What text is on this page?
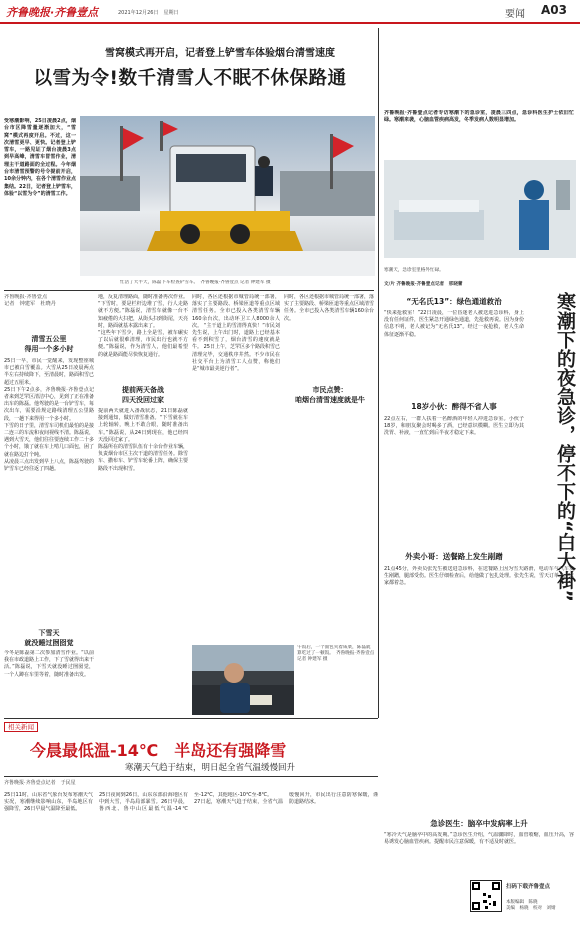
齐鲁晚报·齐鲁壹点	2021年12月26日　星期日	要闻 A03
雪窝模式再开启，记者登上铲雪车体验烟台清雪速度
以雪为令!数千清雪人不眠不休保路通
受寒潮影响，25日凌晨2点，烟台市区降雪量逐渐加大，“雪窝”模式再度开启。不过，这一次清雪更早、更快。记者登上铲雪车，一路见证了烟台凌晨3点到早高峰，清雪车冒雪作业，清理主干道路面的全过程。今年烟台市清雪预警的号令提前开启，10余分钟内，在各个清雪作业点集结。22日，记者登上铲雪车，体验“以雪为令”的清雪工作。
忙活了大半天，陈磊下车检查铲雪车。　齐鲁晚报·齐鲁壹点 记者 钟建军 摄
齐鲁晚报·齐鲁壹点
记者　钟建军　杜晓丹
清雪五公里
得用一个多小时
25日一早，市民一觉醒来，发现整座城市已被白雪覆盖。大雪从25日凌晨两点半左右持续降下，至清晨时，路面积雪已超过五厘米。
25日下午2点多，齐鲁晚报·齐鲁壹点记者来到芝罘区清洁中心，见到了正在准备出车的陈磊。他驾驶的是一台铲雪车，每次出车，需要沿规定路线清理五公里路段，一趟下来得用一个多小时。
下雪的日子里，清雪车司机们最怕的是接二连三的车流和夜间视线不清。陈磊说，遇到大雪天，他们往往要连续工作二十多个小时，饿了就在车上啃几口面包，困了就在路边打个盹。
从凌晨三点出发到早上八点，陈磊驾驶的铲雪车已经往返了四趟。
下雪天
就没睡过囫囵觉
今冬是陈磊第二次参加清雪作业。“以前我在市政道路上工作，下了雪就得出来干活。”陈磊说，下雪天就没睡过囫囵觉，一个人蹲在车里等着，随时准备出发。
地，反复清理路面，随时准备再次作业。
“下雪时，要是栏杆边堆了雪，行人走路就不方便。”陈磊说，清雪车就像一台不知疲倦的大扫把，从街头扫到街尾，天亮时，路面就基本露出来了。
“这些年下雪少，路上全是雪，被车碾实了以后就很难清理，市民出行也就不方便。”陈磊说，作为清雪人，他们最希望的就是路面能尽快恢复通行。
提前两天备战
四天没回过家
提前两天就进入备战状态，21日陈磊就接到通知，做好清雪准备。“下雪就在车上轮轴转，晚上不敢合眼，随时准备出车。”陈磊说，从24日到现在，他已经四天没回过家了。
陈磊所在的清雪队伍有十余台作业车辆，负责烟台市区主次干道的清雪任务。除雪车、撒布车、铲雪车轮番上阵，确保主要路段不出现积雪。
同时，各区还根据市城管局统一部署，落实了主要路段、桥梁匝道等重点区域清雪任务。全市已投入各类清雪车辆160余台次，出动环卫工人8000余人次。 “主干道上的雪清得真快！”市民刘先生说，上午出门时，道路上已经基本看不到积雪了，烟台清雪的速度就是牛。 25日上午，芝罘区多个路段积雪已清理完毕，交通秩序井然。不少市民在社交平台上为清雪工人点赞，称他们是“城市最美逆行者”。
市民点赞：
咱烟台清雪速度就是牛
同时，各区还根据市城管局统一部署，落实了主要路段、桥梁匝道等重点区域清雪任务。全市已投入各类清雪车辆160余台次。
午饭后，一个面包夹着咸菜，陈磊就算吃过了一顿饭。　齐鲁晚报·齐鲁壹点 记者 钟建军 摄
齐鲁晚报·齐鲁壹点记者专访寒潮下的急诊室，凌晨三四点，急诊科医生护士依旧忙碌。寒潮来袭，心脑血管疾病高发，冬季发病人数明显增加。
寒潮天，急诊室里格外忙碌。
文/片 齐鲁晚报·齐鲁壹点记者　邢晓蕾
寒潮下的夜急诊，停不下的“白大褂”
“无名氏13”：绿色通道救治
“快来抢救室！”22日凌晨，一位昏迷老人被送进急诊科，身上没有任何证件，医生紧急开通绿色通道，先抢救再说。因为身份信息不明，老人被记为“无名氏13”。经过一夜抢救，老人生命体征逐渐平稳。
18岁小伙：醉得不省人事
22点左右，一群人扶着一名醉酒的年轻人冲进急诊室。小伙子18岁，和朋友聚会时喝多了酒，已经意识模糊。医生立即为其洗胃、补液，一直忙到后半夜才稳定下来。
外卖小哥：送餐路上发生剐蹭
21点45分，外卖员张先生被送进急诊科，在送餐路上因为雪天路滑，电动车与汽车发生剐蹭，腿部受伤。医生仔细检查后，给他做了包扎处理。张先生说，雪天订单多，大家都着急。
急诊医生：脑卒中发病率上升
“寒冷天气是脑卒中的高发期。”急诊医生介绍，气温骤降时，血管收缩，血压升高，容易诱发心脑血管疾病。提醒市民注意保暖，有不适及时就医。
扫码下载齐鲁壹点
本版编辑　陈晓
美编　杨晓　校对　刘婧
相关新闻
今晨最低温-14℃　半岛还有强降雪
寒潮天气趋于结束，明日起全省气温缓慢回升
齐鲁晚报·齐鲁壹点记者　于民星
25日11时，山东省气象台发布寒潮天气实况，寒潮继续影响山东，半岛地区有强降雪，26日早晨气温降至最低。
25日夜间到26日，山东东部沿海地区有中到大雪，半岛局部暴雪。26日早晨，鲁西北、鲁中山区最低气温-14℃至-12℃，其他地区-10℃至-8℃。
27日起，寒潮天气趋于结束，全省气温缓慢回升，市民出行注意防寒保暖，谨防道路结冰。
